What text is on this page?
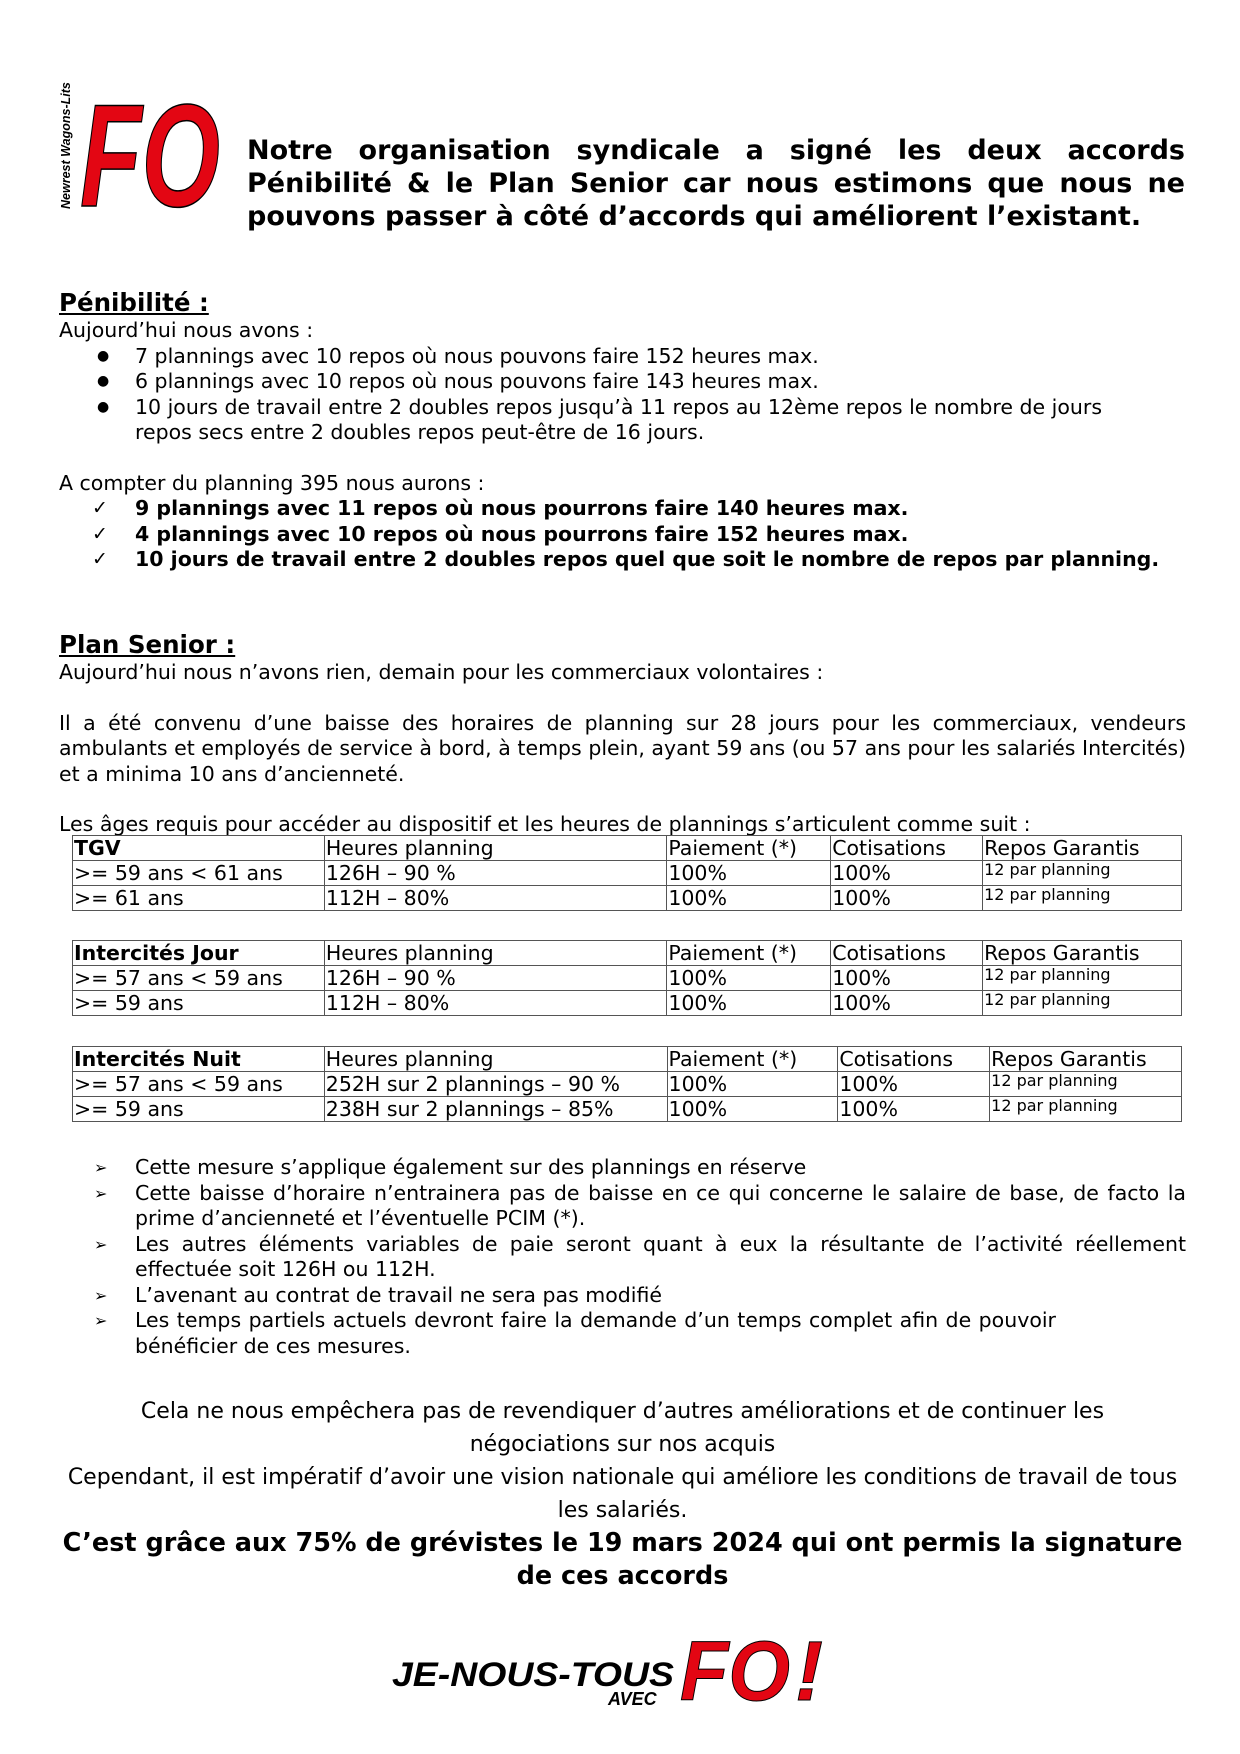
Newrest Wagons-Lits FO Notre organisation syndicale a signé les deux accords Pénibilité & le Plan Senior car nous estimons que nous ne pouvons passer à côté d’accords qui améliorent l’existant.

Pénibilité :

Aujourd’hui nous avons :

● 7 plannings avec 10 repos où nous pouvons faire 152 heures max.
● 6 plannings avec 10 repos où nous pouvons faire 143 heures max.
● 10 jours de travail entre 2 doubles repos jusqu’à 11 repos au 12ème repos le nombre de jours repos secs entre 2 doubles repos peut-être de 16 jours.

A compter du planning 395 nous aurons :

✓ 9 plannings avec 11 repos où nous pourrons faire 140 heures max.
✓ 4 plannings avec 10 repos où nous pourrons faire 152 heures max.
✓ 10 jours de travail entre 2 doubles repos quel que soit le nombre de repos par planning.
Plan Senior :

Aujourd’hui nous n’avons rien, demain pour les commerciaux volontaires :

Il a été convenu d’une baisse des horaires de planning sur 28 jours pour les commerciaux, vendeurs ambulants et employés de service à bord, à temps plein, ayant 59 ans (ou 57 ans pour les salariés Intercités) et a minima 10 ans d’ancienneté.

Les âges requis pour accéder au dispositif et les heures de plannings s’articulent comme suit :

TGV	Heures planning	Paiement (*)	Cotisations	Repos Garantis
>= 59 ans < 61 ans	126H – 90 %	100%	100%	12 par planning
>= 61 ans	112H – 80%	100%	100%	12 par planning
Intercités Jour	Heures planning	Paiement (*)	Cotisations	Repos Garantis
>= 57 ans < 59 ans	126H – 90 %	100%	100%	12 par planning
>= 59 ans	112H – 80%	100%	100%	12 par planning
Intercités Nuit	Heures planning	Paiement (*)	Cotisations	Repos Garantis
>= 57 ans < 59 ans	252H sur 2 plannings – 90 %	100%	100%	12 par planning
>= 59 ans	238H sur 2 plannings – 85%	100%	100%	12 par planning
➢ Cette mesure s’applique également sur des plannings en réserve
➢ Cette baisse d’horaire n’entrainera pas de baisse en ce qui concerne le salaire de base, de facto la prime d’ancienneté et l’éventuelle PCIM (*).
➢ Les autres éléments variables de paie seront quant à eux la résultante de l’activité réellement effectuée soit 126H ou 112H.
➢ L’avenant au contrat de travail ne sera pas modifié
➢ Les temps partiels actuels devront faire la demande d’un temps complet afin de pouvoir bénéficier de ces mesures.

Cela ne nous empêchera pas de revendiquer d’autres améliorations et de continuer les négociations sur nos acquis

Cependant, il est impératif d’avoir une vision nationale qui améliore les conditions de travail de tous les salariés.

C’est grâce aux 75% de grévistes le 19 mars 2024 qui ont permis la signature de ces accords

JE-NOUS-TOUS
AVEC FO !
